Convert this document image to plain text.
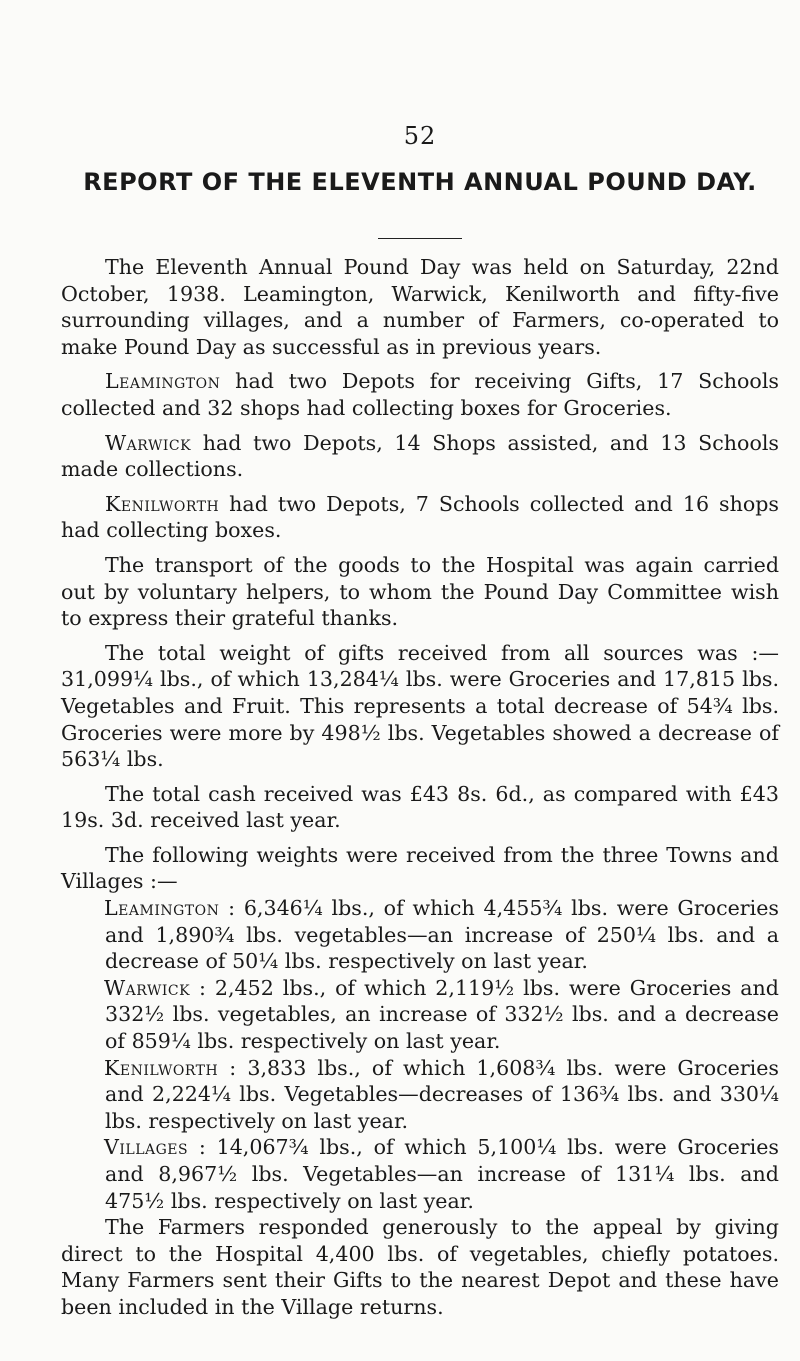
52
REPORT OF THE ELEVENTH ANNUAL POUND DAY.

The Eleventh Annual Pound Day was held on Saturday, 22nd October, 1938. Leamington, Warwick, Kenilworth and fifty-five surrounding villages, and a number of Farmers, co-operated to make Pound Day as successful as in previous years.

Leamington had two Depots for receiving Gifts, 17 Schools collected and 32 shops had collecting boxes for Groceries.

Warwick had two Depots, 14 Shops assisted, and 13 Schools made collections.

Kenilworth had two Depots, 7 Schools collected and 16 shops had collecting boxes.

The transport of the goods to the Hospital was again carried out by voluntary helpers, to whom the Pound Day Committee wish to express their grateful thanks.

The total weight of gifts received from all sources was :— 31,099¼ lbs., of which 13,284¼ lbs. were Groceries and 17,815 lbs. Vegetables and Fruit. This represents a total decrease of 54¾ lbs. Groceries were more by 498½ lbs. Vegetables showed a decrease of 563¼ lbs.

The total cash received was £43 8s. 6d., as compared with £43 19s. 3d. received last year.

The following weights were received from the three Towns and Villages :—

Leamington : 6,346¼ lbs., of which 4,455¾ lbs. were Groceries and 1,890¾ lbs. vegetables—an increase of 250¼ lbs. and a decrease of 50¼ lbs. respectively on last year.

Warwick : 2,452 lbs., of which 2,119½ lbs. were Groceries and 332½ lbs. vegetables, an increase of 332½ lbs. and a decrease of 859¼ lbs. respectively on last year.

Kenilworth : 3,833 lbs., of which 1,608¾ lbs. were Groceries and 2,224¼ lbs. Vegetables—decreases of 136¾ lbs. and 330¼ lbs. respectively on last year.

Villages : 14,067¾ lbs., of which 5,100¼ lbs. were Groceries and 8,967½ lbs. Vegetables—an increase of 131¼ lbs. and 475½ lbs. respectively on last year.

The Farmers responded generously to the appeal by giving direct to the Hospital 4,400 lbs. of vegetables, chiefly potatoes. Many Farmers sent their Gifts to the nearest Depot and these have been included in the Village returns.
